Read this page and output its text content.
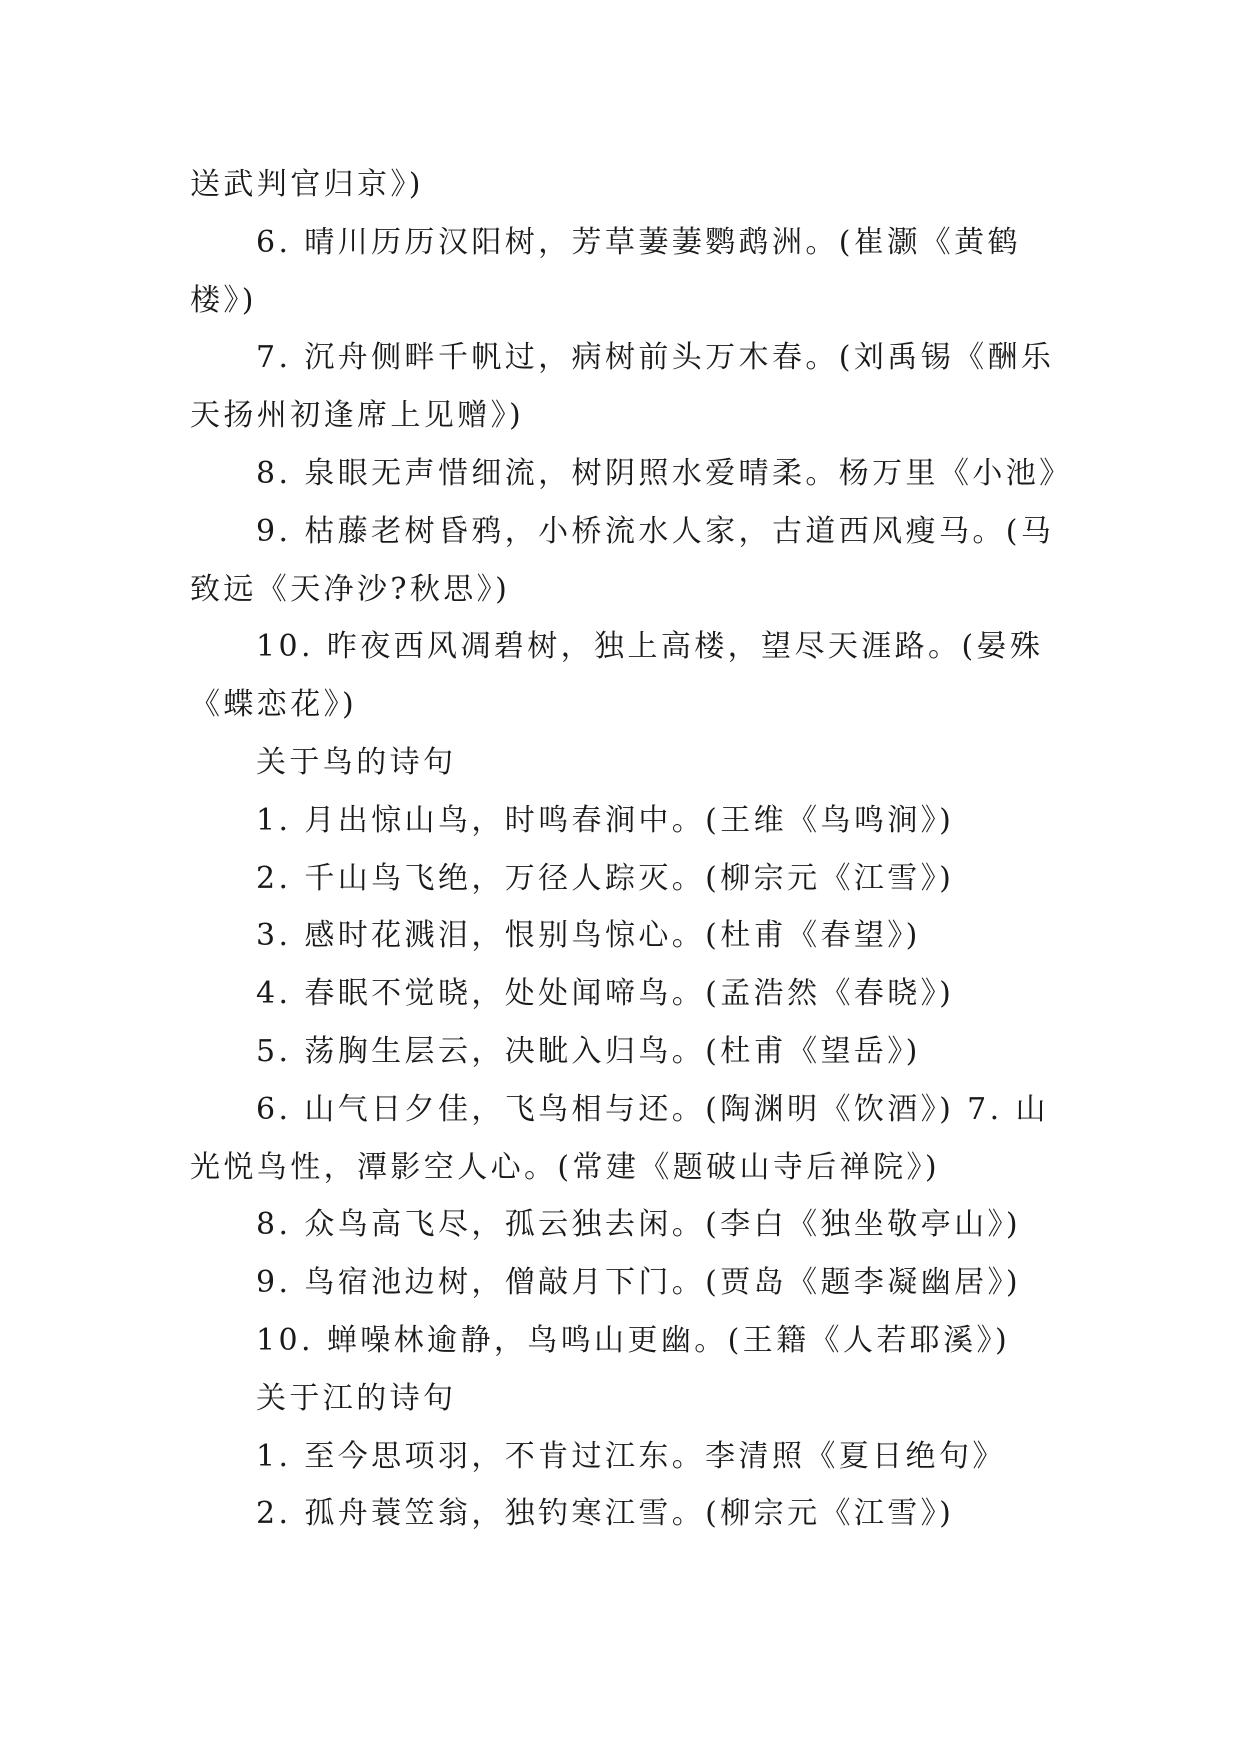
送武判官归京》)
6. 晴川历历汉阳树，芳草萋萋鹦鹉洲。(崔灏《黄鹤
楼》)
7. 沉舟侧畔千帆过，病树前头万木春。(刘禹锡《酬乐
天扬州初逢席上见赠》)
8. 泉眼无声惜细流，树阴照水爱晴柔。杨万里《小池》
9. 枯藤老树昏鸦，小桥流水人家，古道西风瘦马。(马
致远《天净沙?秋思》)
10. 昨夜西风凋碧树，独上高楼，望尽天涯路。(晏殊
《蝶恋花》)
关于鸟的诗句
1. 月出惊山鸟，时鸣春涧中。(王维《鸟鸣涧》)
2. 千山鸟飞绝，万径人踪灭。(柳宗元《江雪》)
3. 感时花溅泪，恨别鸟惊心。(杜甫《春望》)
4. 春眠不觉晓，处处闻啼鸟。(孟浩然《春晓》)
5. 荡胸生层云，决眦入归鸟。(杜甫《望岳》)
6. 山气日夕佳，飞鸟相与还。(陶渊明《饮酒》) 7. 山
光悦鸟性，潭影空人心。(常建《题破山寺后禅院》)
8. 众鸟高飞尽，孤云独去闲。(李白《独坐敬亭山》)
9. 鸟宿池边树，僧敲月下门。(贾岛《题李凝幽居》)
10. 蝉噪林逾静，鸟鸣山更幽。(王籍《人若耶溪》)
关于江的诗句
1. 至今思项羽，不肯过江东。李清照《夏日绝句》
2. 孤舟蓑笠翁，独钓寒江雪。(柳宗元《江雪》)
